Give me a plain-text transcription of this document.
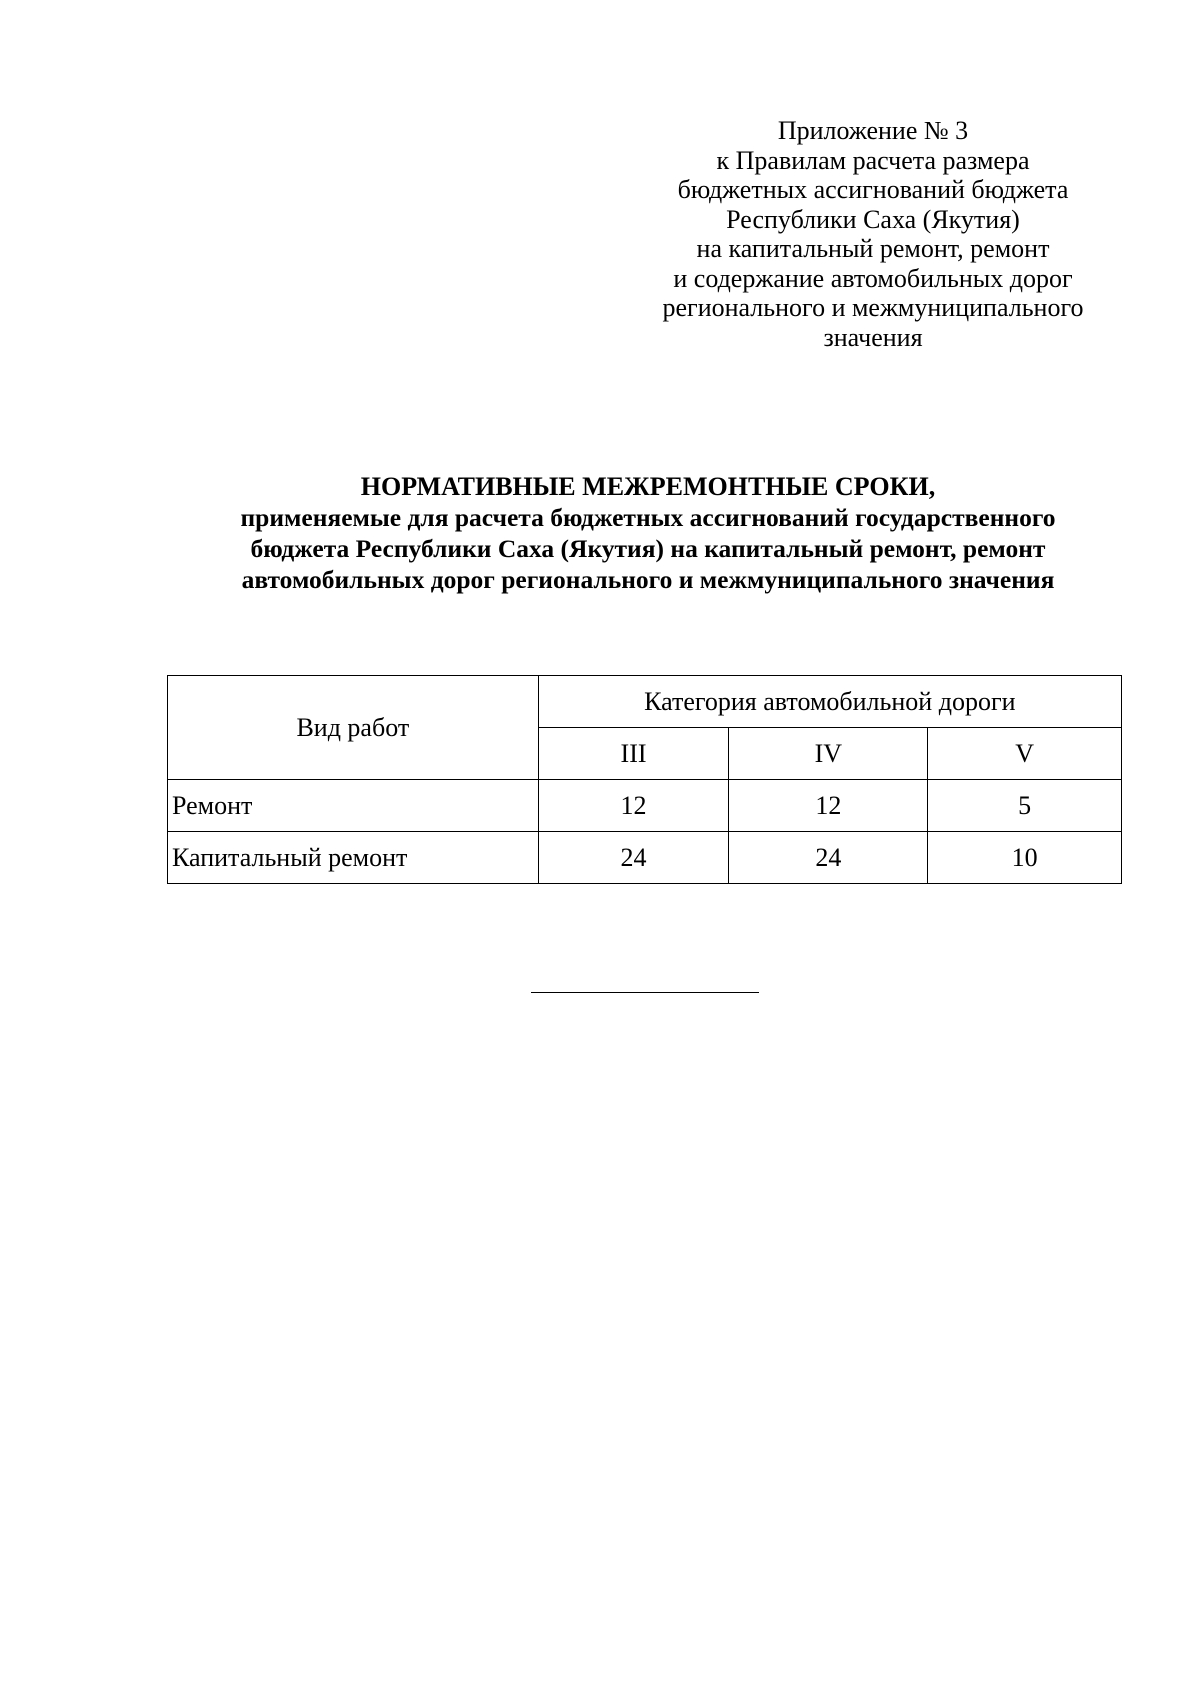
Приложение № 3
к Правилам расчета размера
бюджетных ассигнований бюджета
Республики Саха (Якутия)
на капитальный ремонт, ремонт
и содержание автомобильных дорог
регионального и межмуниципального
значения
НОРМАТИВНЫЕ МЕЖРЕМОНТНЫЕ СРОКИ,
применяемые для расчета бюджетных ассигнований государственного
бюджета Республики Саха (Якутия) на капитальный ремонт, ремонт
автомобильных дорог регионального и межмуниципального значения
Вид работ	Категория автомобильной дороги		
	III	IV	V
Ремонт	12	12	5
Капитальный ремонт	24	24	10
